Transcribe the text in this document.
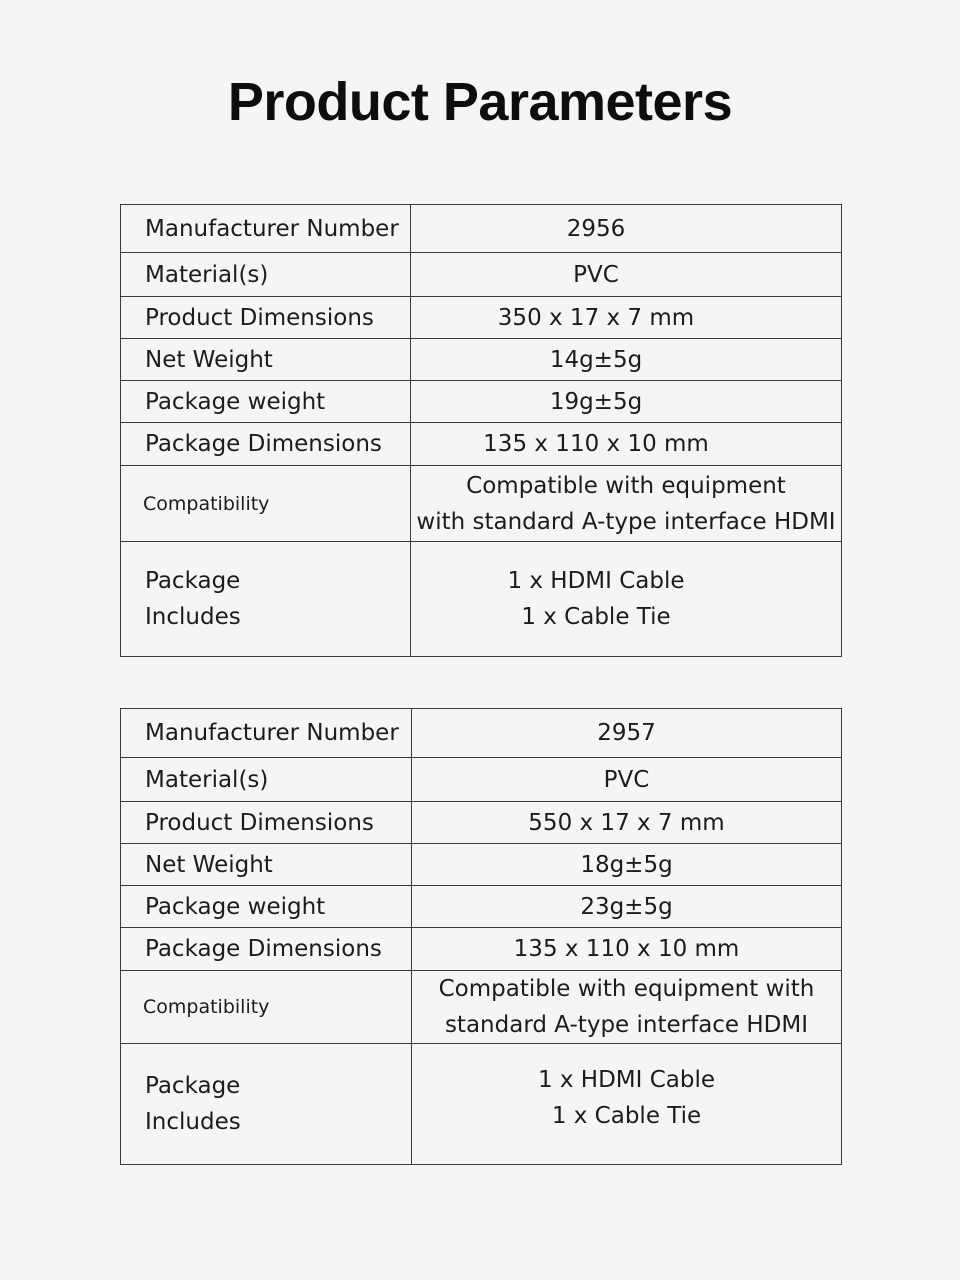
Product Parameters
Manufacturer Number	2956
Material(s)	PVC
Product Dimensions	350 x 17 x 7 mm
Net Weight	14g±5g
Package weight	19g±5g
Package Dimensions	135 x 110 x 10 mm
Compatibility	Compatible with equipment
with standard A-type interface HDMI

Package
Includes	1 x HDMI Cable
1 x Cable Tie
Manufacturer Number	2957
Material(s)	PVC
Product Dimensions	550 x 17 x 7 mm
Net Weight	18g±5g
Package weight	23g±5g
Package Dimensions	135 x 110 x 10 mm
Compatibility	Compatible with equipment with
standard A-type interface HDMI

Package
Includes	1 x HDMI Cable
1 x Cable Tie
